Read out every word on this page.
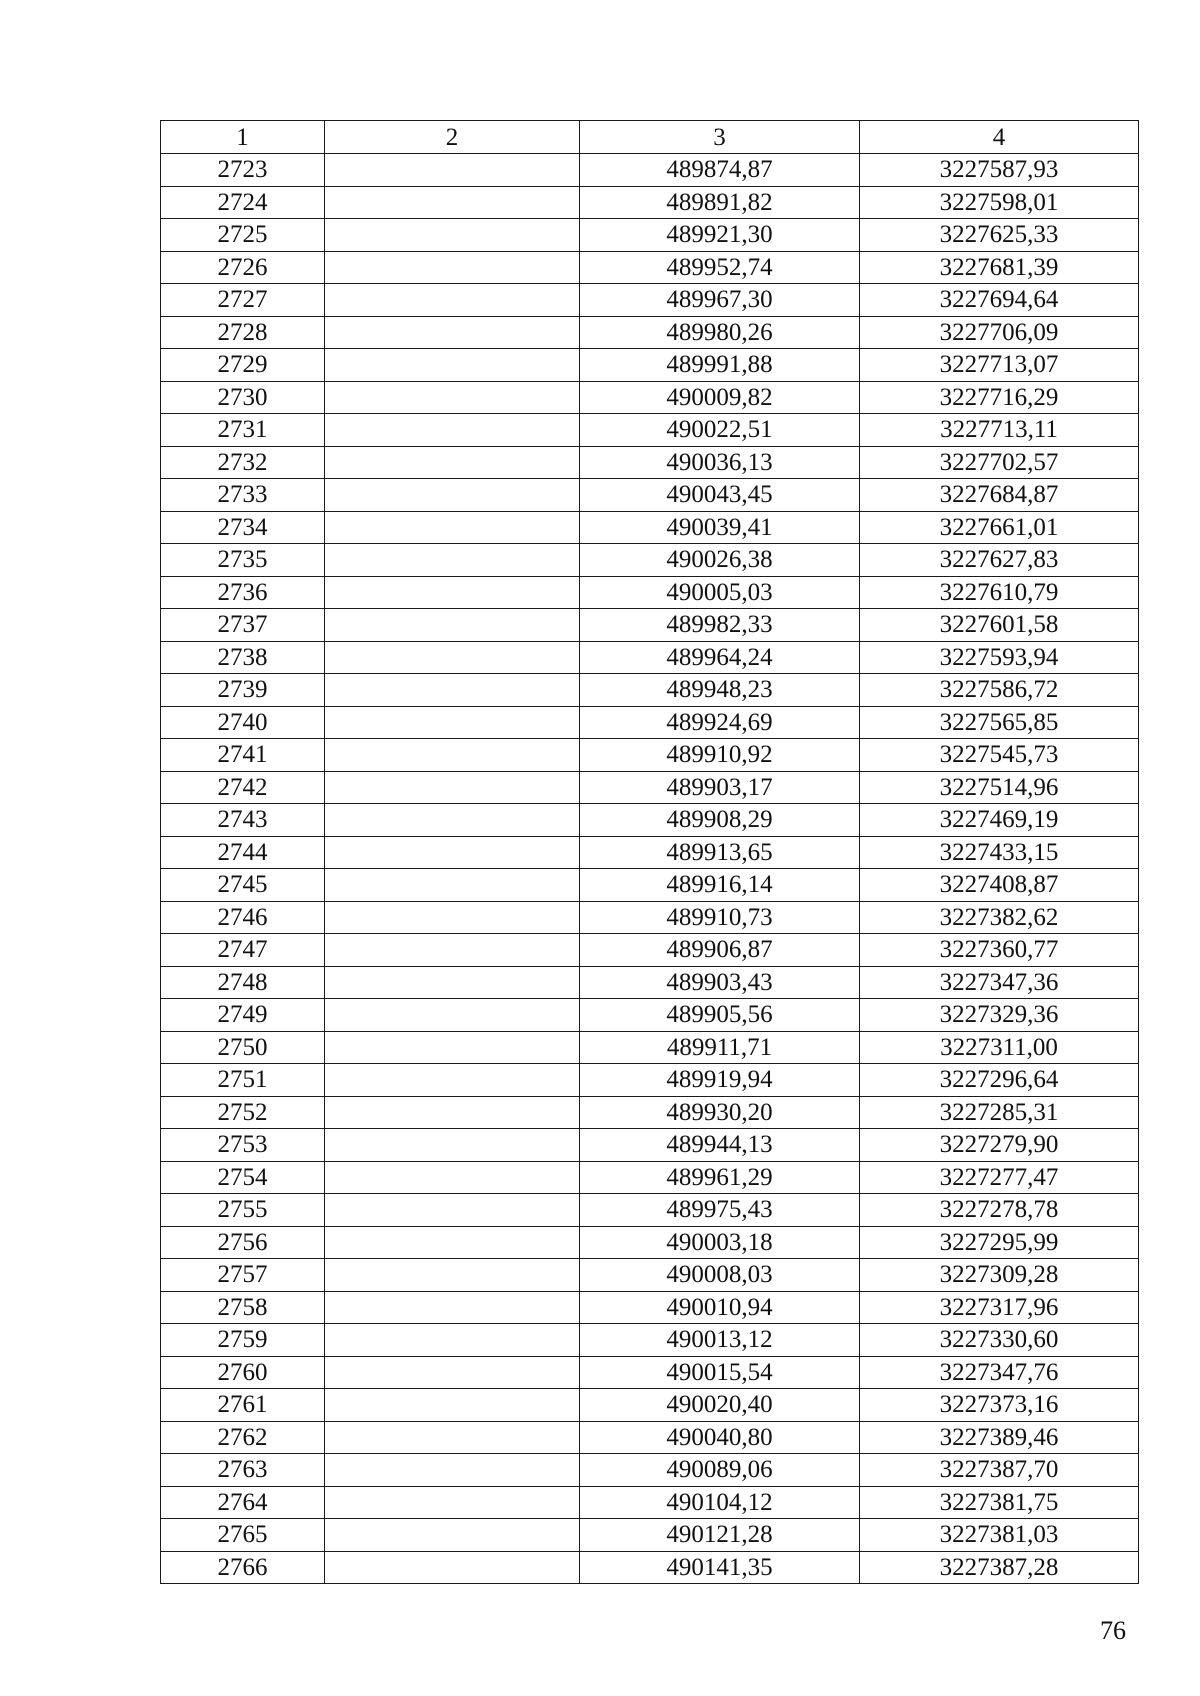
1	2	3	4
2723		489874,87	3227587,93
2724		489891,82	3227598,01
2725		489921,30	3227625,33
2726		489952,74	3227681,39
2727		489967,30	3227694,64
2728		489980,26	3227706,09
2729		489991,88	3227713,07
2730		490009,82	3227716,29
2731		490022,51	3227713,11
2732		490036,13	3227702,57
2733		490043,45	3227684,87
2734		490039,41	3227661,01
2735		490026,38	3227627,83
2736		490005,03	3227610,79
2737		489982,33	3227601,58
2738		489964,24	3227593,94
2739		489948,23	3227586,72
2740		489924,69	3227565,85
2741		489910,92	3227545,73
2742		489903,17	3227514,96
2743		489908,29	3227469,19
2744		489913,65	3227433,15
2745		489916,14	3227408,87
2746		489910,73	3227382,62
2747		489906,87	3227360,77
2748		489903,43	3227347,36
2749		489905,56	3227329,36
2750		489911,71	3227311,00
2751		489919,94	3227296,64
2752		489930,20	3227285,31
2753		489944,13	3227279,90
2754		489961,29	3227277,47
2755		489975,43	3227278,78
2756		490003,18	3227295,99
2757		490008,03	3227309,28
2758		490010,94	3227317,96
2759		490013,12	3227330,60
2760		490015,54	3227347,76
2761		490020,40	3227373,16
2762		490040,80	3227389,46
2763		490089,06	3227387,70
2764		490104,12	3227381,75
2765		490121,28	3227381,03
2766		490141,35	3227387,28
76
